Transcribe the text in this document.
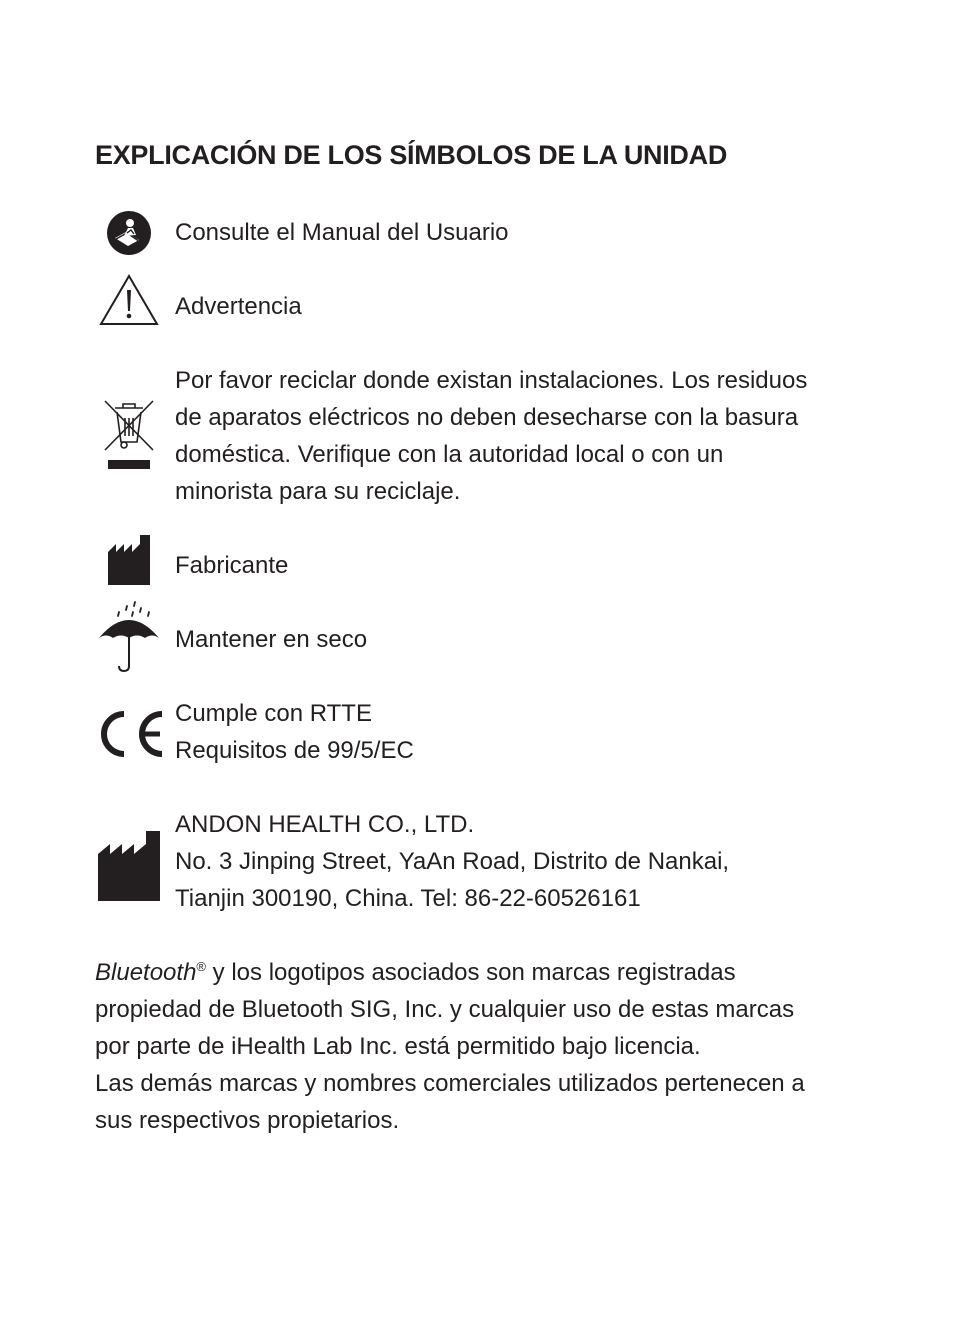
EXPLICACIÓN DE LOS SÍMBOLOS DE LA UNIDAD
Consulte el Manual del Usuario
Advertencia
Por favor reciclar donde existan instalaciones. Los residuos
de aparatos eléctricos no deben desecharse con la basura
doméstica. Verifique con la autoridad local o con un
minorista para su reciclaje.
Fabricante
Mantener en seco
Cumple con RTTE
Requisitos de 99/5/EC
ANDON HEALTH CO., LTD.
No. 3 Jinping Street, YaAn Road, Distrito de Nankai,
Tianjin 300190, China. Tel: 86-22-60526161
Bluetooth® y los logotipos asociados son marcas registradas
propiedad de Bluetooth SIG, Inc. y cualquier uso de estas marcas
por parte de iHealth Lab Inc. está permitido bajo licencia.
Las demás marcas y nombres comerciales utilizados pertenecen a
sus respectivos propietarios.
